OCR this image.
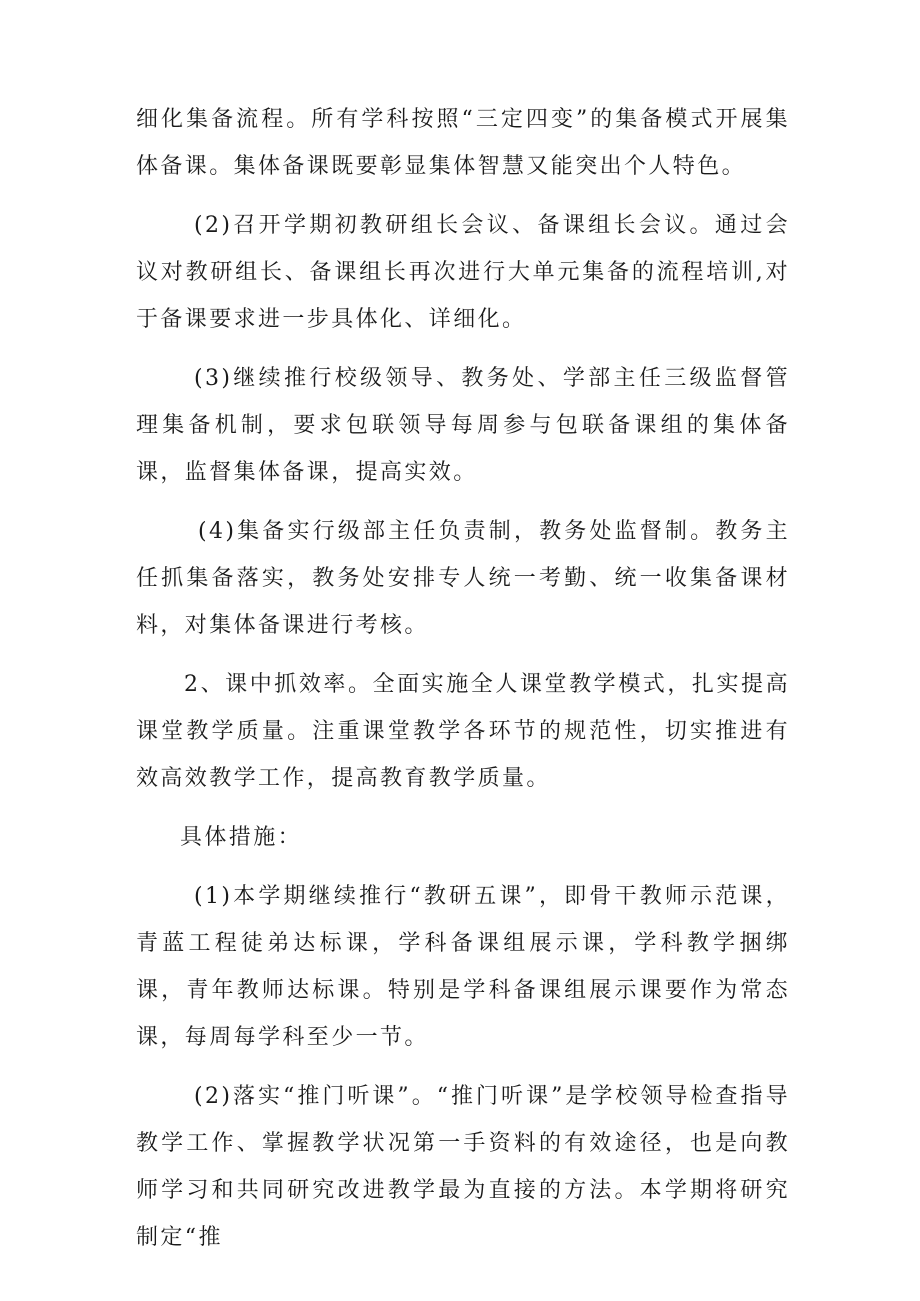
细化集备流程。所有学科按照“三定四变”的集备模式开展集体备课。集体备课既要彰显集体智慧又能突出个人特色。

(2)召开学期初教研组长会议、备课组长会议。通过会议对教研组长、备课组长再次进行大单元集备的流程培训,对于备课要求进一步具体化、详细化。

(3)继续推行校级领导、教务处、学部主任三级监督管理集备机制，要求包联领导每周参与包联备课组的集体备课，监督集体备课，提高实效。

(4)集备实行级部主任负责制，教务处监督制。教务主任抓集备落实，教务处安排专人统一考勤、统一收集备课材料，对集体备课进行考核。

2、课中抓效率。全面实施全人课堂教学模式，扎实提高课堂教学质量。注重课堂教学各环节的规范性，切实推进有效高效教学工作，提高教育教学质量。

具体措施：

(1)本学期继续推行“教研五课”，即骨干教师示范课，青蓝工程徒弟达标课，学科备课组展示课，学科教学捆绑课，青年教师达标课。特别是学科备课组展示课要作为常态课，每周每学科至少一节。

(2)落实“推门听课”。“推门听课”是学校领导检查指导教学工作、掌握教学状况第一手资料的有效途径，也是向教师学习和共同研究改进教学最为直接的方法。本学期将研究制定“推
